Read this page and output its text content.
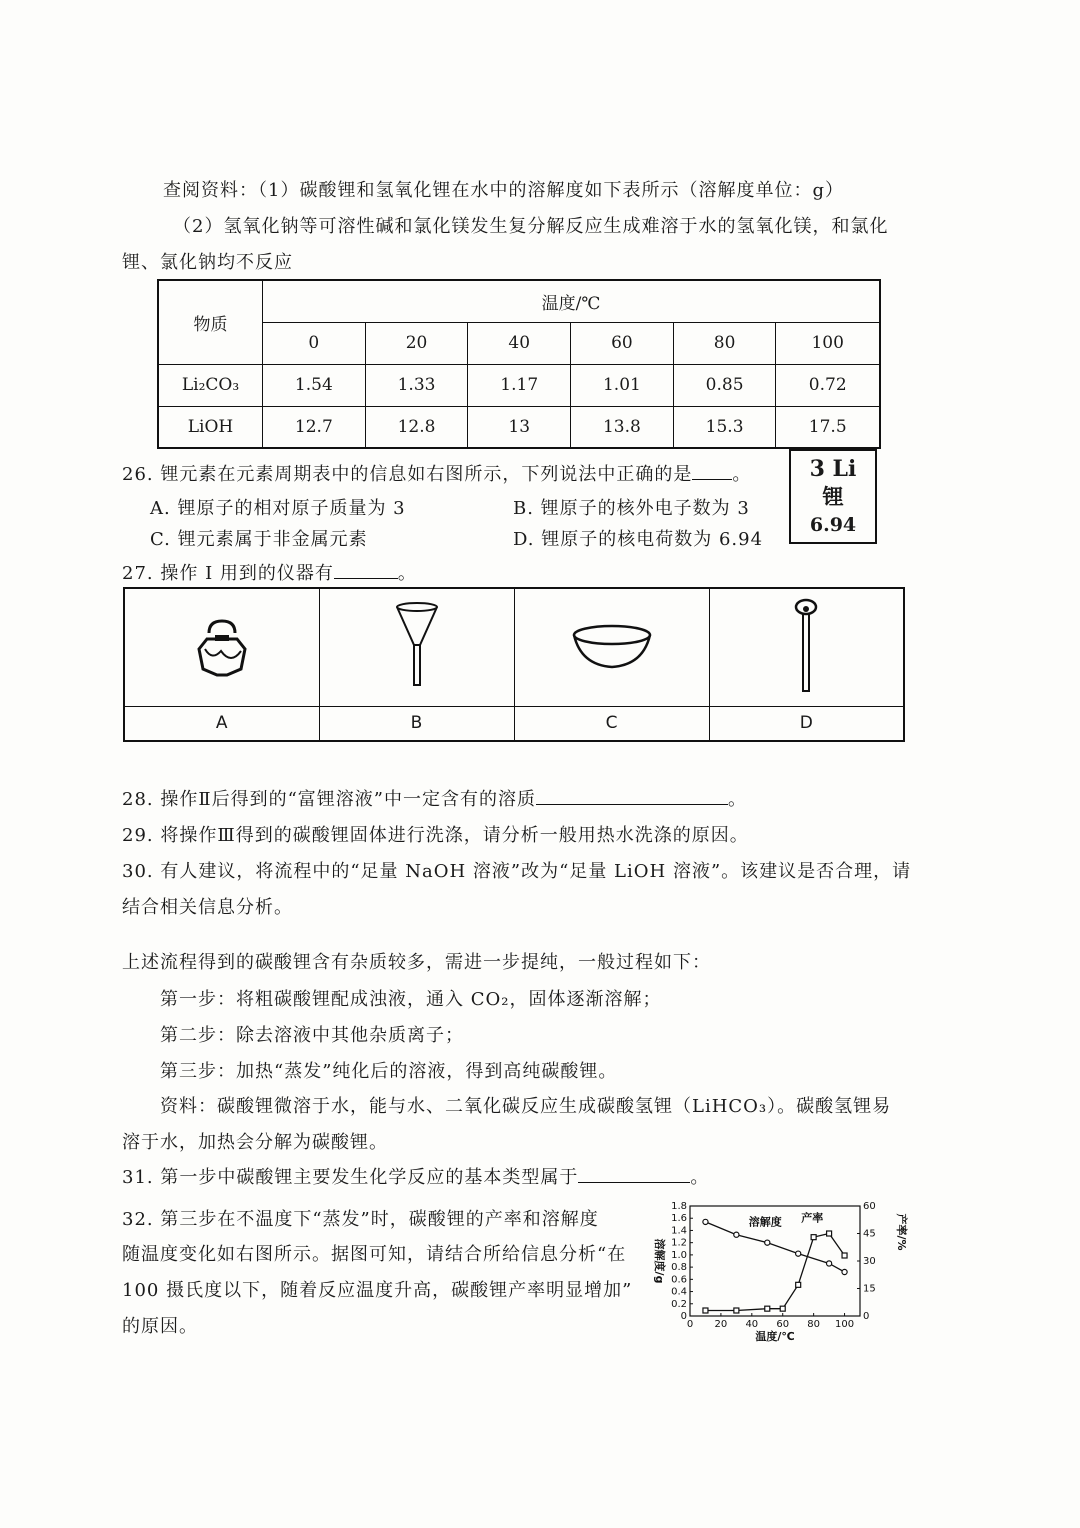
查阅资料：（1）碳酸锂和氢氧化锂在水中的溶解度如下表所示（溶解度单位：g）
（2）氢氧化钠等可溶性碱和氯化镁发生复分解反应生成难溶于水的氢氧化镁，和氯化
锂、氯化钠均不反应
物质	温度/℃					
	0	20	40	60	80	100
Li₂CO₃	1.54	1.33	1.17	1.01	0.85	0.72
LiOH	12.7	12.8	13	13.8	15.3	17.5
26. 锂元素在元素周期表中的信息如右图所示，下列说法中正确的是 。
A. 锂原子的相对原子质量为 3	B. 锂原子的核外电子数为 3
C. 锂元素属于非金属元素	D. 锂原子的核电荷数为 6.94
3 Li
锂
6.94
27. 操作 I 用到的仪器有	。

A	B	C	D
28. 操作Ⅱ后得到的“富锂溶液”中一定含有的溶质	。
29. 将操作Ⅲ得到的碳酸锂固体进行洗涤，请分析一般用热水洗涤的原因。
30. 有人建议，将流程中的“足量 NaOH 溶液”改为“足量 LiOH 溶液”。该建议是否合理，请
结合相关信息分析。
上述流程得到的碳酸锂含有杂质较多，需进一步提纯，一般过程如下：
第一步：将粗碳酸锂配成浊液，通入 CO₂，固体逐渐溶解；
第二步：除去溶液中其他杂质离子；
第三步：加热“蒸发”纯化后的溶液，得到高纯碳酸锂。
资料：碳酸锂微溶于水，能与水、二氧化碳反应生成碳酸氢锂（LiHCO₃）。碳酸氢锂易
溶于水，加热会分解为碳酸锂。
31. 第一步中碳酸锂主要发生化学反应的基本类型属于	。
32. 第三步在不温度下“蒸发”时，碳酸锂的产率和溶解度
随温度变化如右图所示。据图可知，请结合所给信息分析“在
100 摄氏度以下，随着反应温度升高，碳酸锂产率明显增加”
的原因。	0 20 40 60 80 100
0
0.2
0.4
0.6
0.8
1.0
1.2
1.4
1.6
1.8
0
15
30
45
60
温度/℃
溶解度/g
产率/%
溶解度 产率
